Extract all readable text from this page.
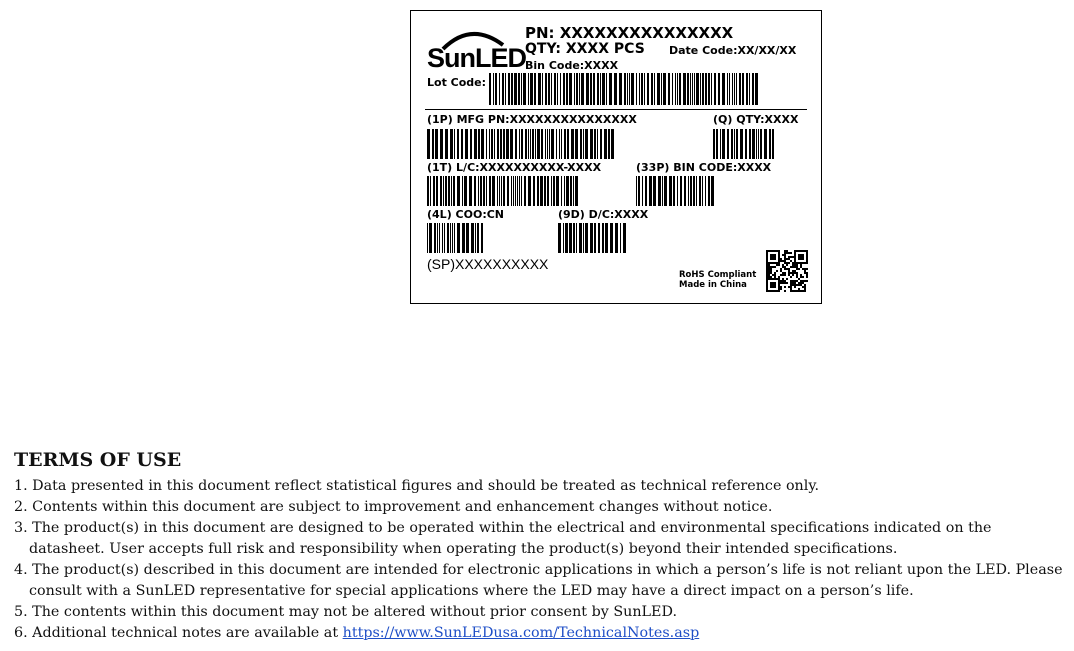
SunLED
PN: XXXXXXXXXXXXXXX
QTY: XXXX PCS Date Code:XX/XX/XX
Bin Code:XXXX
Lot Code:
(1P) MFG PN:XXXXXXXXXXXXXXX	(Q) QTY:XXXX
(1T) L/C:XXXXXXXXXX-XXXX	(33P) BIN CODE:XXXX
(4L) COO:CN	(9D) D/C:XXXX
(SP)XXXXXXXXXX
RoHS Compliant
Made in China
TERMS OF USE
1. Data presented in this document reflect statistical figures and should be treated as technical reference only.
2. Contents within this document are subject to improvement and enhancement changes without notice.
3. The product(s) in this document are designed to be operated within the electrical and environmental specifications indicated on the datasheet. User accepts full risk and responsibility when operating the product(s) beyond their intended specifications.
4. The product(s) described in this document are intended for electronic applications in which a person’s life is not reliant upon the LED. Please consult with a SunLED representative for special applications where the LED may have a direct impact on a person’s life.
5. The contents within this document may not be altered without prior consent by SunLED.
6. Additional technical notes are available at https://www.SunLEDusa.com/TechnicalNotes.asp
